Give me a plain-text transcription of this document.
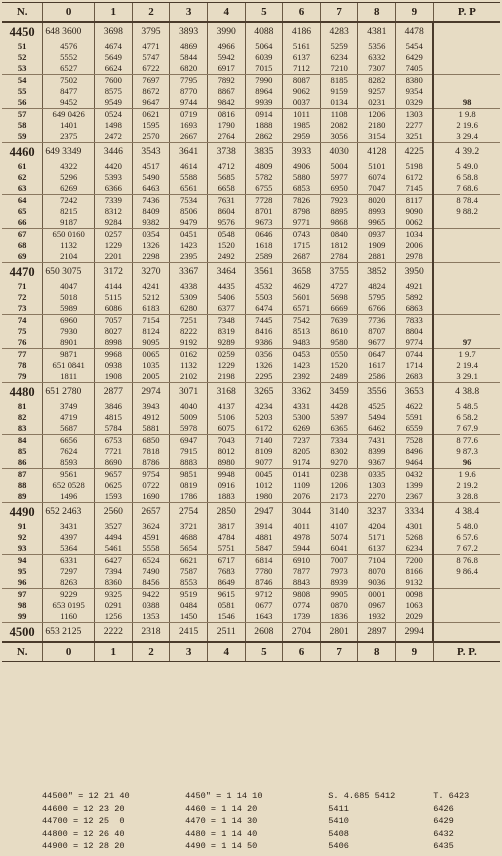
N.	0	1	2	3	4	5	6	7	8	9	P. P
4450	648 3600	3698	3795	3893	3990	4088	4186	4283	4381	4478	
51	4576	4674	4771	4869	4966	5064	5161	5259	5356	5454	
52	5552	5649	5747	5844	5942	6039	6137	6234	6332	6429	
53	6527	6624	6722	6820	6917	7015	7112	7210	7307	7405	
54	7502	7600	7697	7795	7892	7990	8087	8185	8282	8380	
55	8477	8575	8672	8770	8867	8964	9062	9159	9257	9354	
56	9452	9549	9647	9744	9842	9939	0037	0134	0231	0329	98
57	649 0426	0524	0621	0719	0816	0914	1011	1108	1206	1303	1 9.8
58	1401	1498	1595	1693	1790	1888	1985	2082	2180	2277	2 19.6
59	2375	2472	2570	2667	2764	2862	2959	3056	3154	3251	3 29.4
4460	649 3349	3446	3543	3641	3738	3835	3933	4030	4128	4225	4 39.2
61	4322	4420	4517	4614	4712	4809	4906	5004	5101	5198	5 49.0
62	5296	5393	5490	5588	5685	5782	5880	5977	6074	6172	6 58.8
63	6269	6366	6463	6561	6658	6755	6853	6950	7047	7145	7 68.6
64	7242	7339	7436	7534	7631	7728	7826	7923	8020	8117	8 78.4
65	8215	8312	8409	8506	8604	8701	8798	8895	8993	9090	9 88.2
66	9187	9284	9382	9479	9576	9673	9771	9868	9965	0062	
67	650 0160	0257	0354	0451	0548	0646	0743	0840	0937	1034	
68	1132	1229	1326	1423	1520	1618	1715	1812	1909	2006	
69	2104	2201	2298	2395	2492	2589	2687	2784	2881	2978	
4470	650 3075	3172	3270	3367	3464	3561	3658	3755	3852	3950	
71	4047	4144	4241	4338	4435	4532	4629	4727	4824	4921	
72	5018	5115	5212	5309	5406	5503	5601	5698	5795	5892	
73	5989	6086	6183	6280	6377	6474	6571	6669	6766	6863	
74	6960	7057	7154	7251	7348	7445	7542	7639	7736	7833	
75	7930	8027	8124	8222	8319	8416	8513	8610	8707	8804	
76	8901	8998	9095	9192	9289	9386	9483	9580	9677	9774	97
77	9871	9968	0065	0162	0259	0356	0453	0550	0647	0744	1 9.7
78	651 0841	0938	1035	1132	1229	1326	1423	1520	1617	1714	2 19.4
79	1811	1908	2005	2102	2198	2295	2392	2489	2586	2683	3 29.1
4480	651 2780	2877	2974	3071	3168	3265	3362	3459	3556	3653	4 38.8
81	3749	3846	3943	4040	4137	4234	4331	4428	4525	4622	5 48.5
82	4719	4815	4912	5009	5106	5203	5300	5397	5494	5591	6 58.2
83	5687	5784	5881	5978	6075	6172	6269	6365	6462	6559	7 67.9
84	6656	6753	6850	6947	7043	7140	7237	7334	7431	7528	8 77.6
85	7624	7721	7818	7915	8012	8109	8205	8302	8399	8496	9 87.3
86	8593	8690	8786	8883	8980	9077	9174	9270	9367	9464	96
87	9561	9657	9754	9851	9948	0045	0141	0238	0335	0432	1 9.6
88	652 0528	0625	0722	0819	0916	1012	1109	1206	1303	1399	2 19.2
89	1496	1593	1690	1786	1883	1980	2076	2173	2270	2367	3 28.8
4490	652 2463	2560	2657	2754	2850	2947	3044	3140	3237	3334	4 38.4
91	3431	3527	3624	3721	3817	3914	4011	4107	4204	4301	5 48.0
92	4397	4494	4591	4688	4784	4881	4978	5074	5171	5268	6 57.6
93	5364	5461	5558	5654	5751	5847	5944	6041	6137	6234	7 67.2
94	6331	6427	6524	6621	6717	6814	6910	7007	7104	7200	8 76.8
95	7297	7394	7490	7587	7683	7780	7877	7973	8070	8166	9 86.4
96	8263	8360	8456	8553	8649	8746	8843	8939	9036	9132	
97	9229	9325	9422	9519	9615	9712	9808	9905	0001	0098	
98	653 0195	0291	0388	0484	0581	0677	0774	0870	0967	1063	
99	1160	1256	1353	1450	1546	1643	1739	1836	1932	2029	
4500	653 2125	2222	2318	2415	2511	2608	2704	2801	2897	2994	
N.	0	1	2	3	4	5	6	7	8	9	P. P.
44500" = 12 21 40	4450" = 1 14 10	S. 4.685 5412	T. 6423
44600 = 12 23 20	4460 = 1 14 20	5411	6426
44700 = 12 25  0	4470 = 1 14 30	5410	6429
44800 = 12 26 40	4480 = 1 14 40	5408	6432
44900 = 12 28 20	4490 = 1 14 50	5406	6435
